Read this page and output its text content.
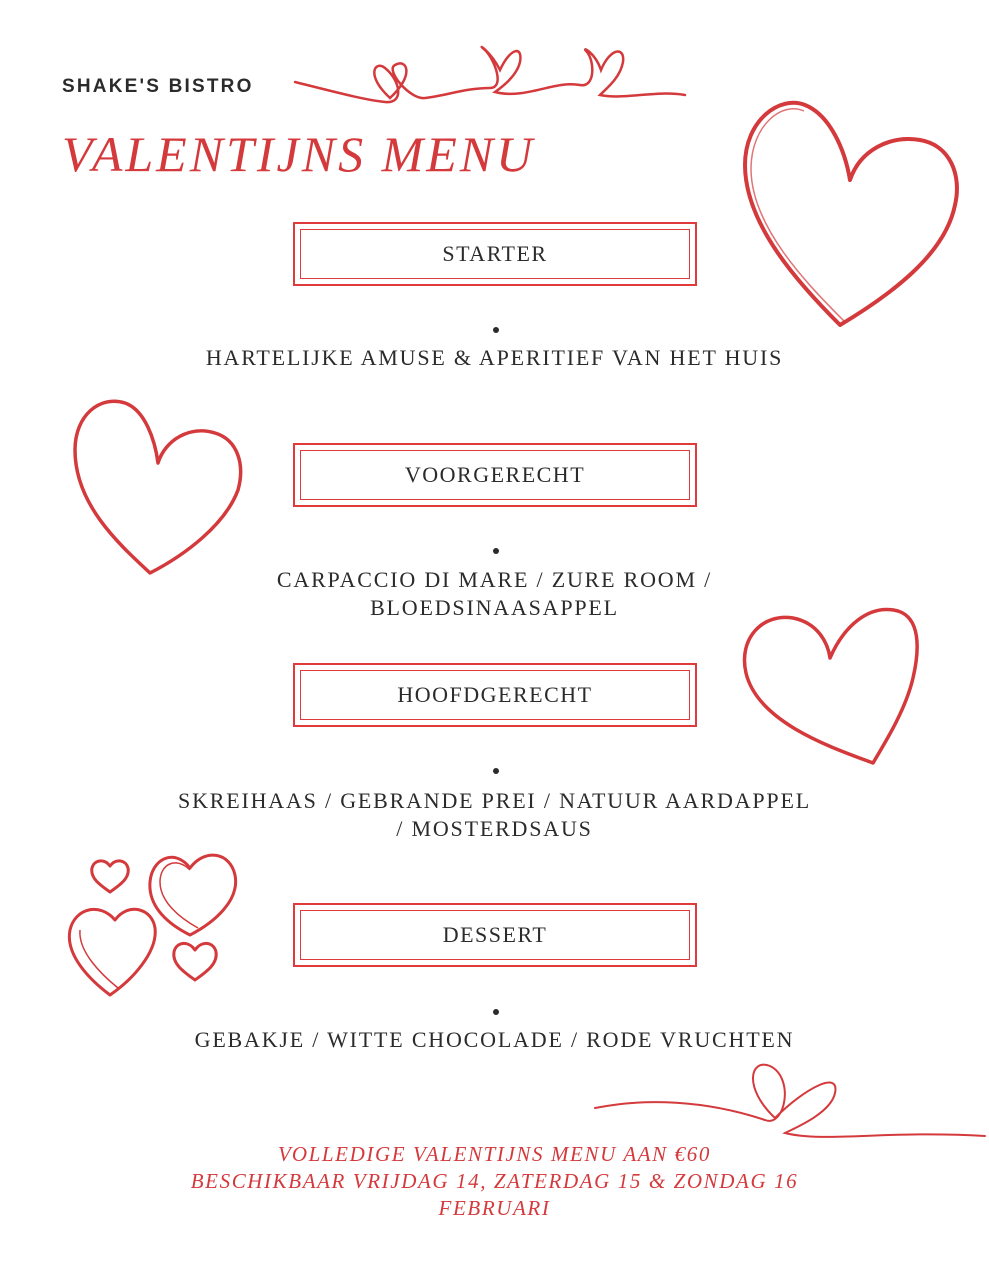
SHAKE'S BISTRO
VALENTIJNS MENU
STARTER
HARTELIJKE AMUSE & APERITIEF VAN HET HUIS
VOORGERECHT
CARPACCIO DI MARE / ZURE ROOM /
BLOEDSINAASAPPEL
HOOFDGERECHT
SKREIHAAS / GEBRANDE PREI / NATUUR AARDAPPEL
/ MOSTERDSAUS
DESSERT
GEBAKJE / WITTE CHOCOLADE / RODE VRUCHTEN
VOLLEDIGE VALENTIJNS MENU AAN €60
BESCHIKBAAR VRIJDAG 14, ZATERDAG 15 & ZONDAG 16
FEBRUARI
